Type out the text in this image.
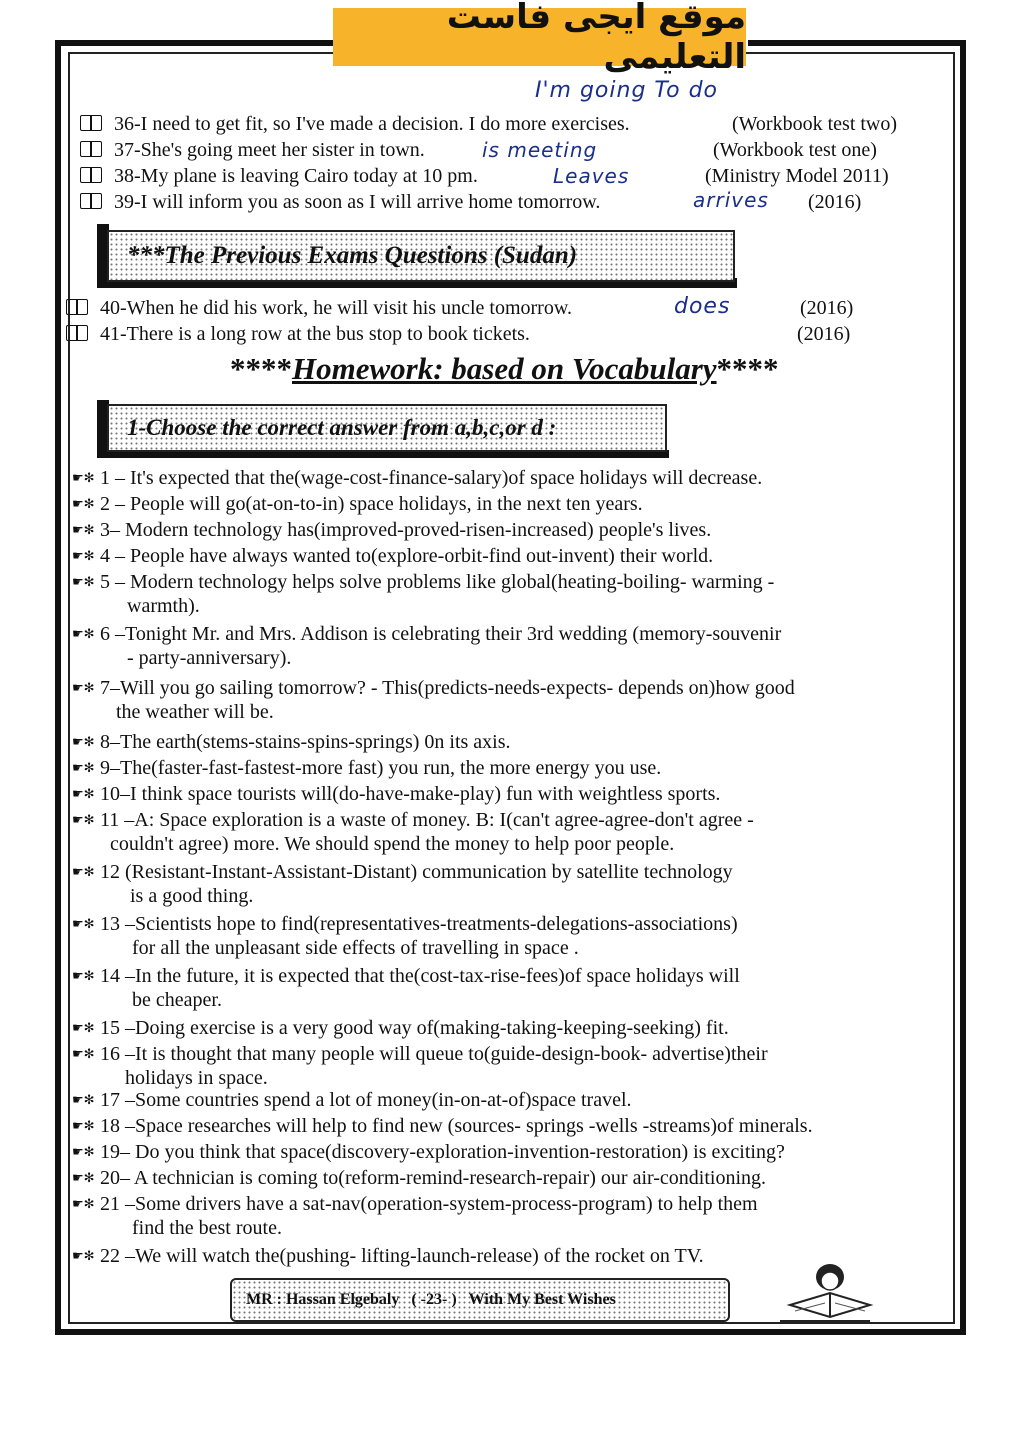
موقع ايجى فاست التعليمى
I'm going To do
36-I need to get fit, so I've made a decision. I do more exercises.	(Workbook test two)
37-She's going meet her sister in town.	is meeting	(Workbook test one)
38-My plane is leaving Cairo today at 10 pm.	Leaves	(Ministry Model 2011)
39-I will inform you as soon as I will arrive home tomorrow.	arrives (2016)
***The Previous Exams Questions (Sudan)
40-When he did his work, he will visit his uncle tomorrow.	does	(2016)
41-There is a long row at the bus stop to book tickets.	(2016)
****Homework: based on Vocabulary****
1-Choose the correct answer from a,b,c,or d :
☛✻ 1 – It's expected that the(wage-cost-finance-salary)of space holidays will decrease.
☛✻ 2 – People will go(at-on-to-in) space holidays, in the next ten years.
☛✻ 3– Modern technology has(improved-proved-risen-increased) people's lives.
☛✻ 4 – People have always wanted to(explore-orbit-find out-invent) their world.
☛✻ 5 – Modern technology helps solve problems like global(heating-boiling- warming -
warmth).
☛✻ 6 –Tonight Mr. and Mrs. Addison is celebrating their 3rd wedding (memory-souvenir
- party-anniversary).
☛✻ 7–Will you go sailing tomorrow? - This(predicts-needs-expects- depends on)how good
the weather will be.
☛✻ 8–The earth(stems-stains-spins-springs) 0n its axis.
☛✻ 9–The(faster-fast-fastest-more fast) you run, the more energy you use.
☛✻ 10–I think space tourists will(do-have-make-play) fun with weightless sports.
☛✻ 11 –A: Space exploration is a waste of money. B: I(can't agree-agree-don't agree -
couldn't agree) more. We should spend the money to help poor people.
☛✻ 12 (Resistant-Instant-Assistant-Distant) communication by satellite technology
is a good thing.
☛✻ 13 –Scientists hope to find(representatives-treatments-delegations-associations)
for all the unpleasant side effects of travelling in space .
☛✻ 14 –In the future, it is expected that the(cost-tax-rise-fees)of space holidays will
be cheaper.
☛✻ 15 –Doing exercise is a very good way of(making-taking-keeping-seeking) fit.
☛✻ 16 –It is thought that many people will queue to(guide-design-book- advertise)their
holidays in space.
☛✻ 17 –Some countries spend a lot of money(in-on-at-of)space travel.
☛✻ 18 –Space researches will help to find new (sources- springs -wells -streams)of minerals.
☛✻ 19– Do you think that space(discovery-exploration-invention-restoration) is exciting?
☛✻ 20– A technician is coming to(reform-remind-research-repair) our air-conditioning.
☛✻ 21 –Some drivers have a sat-nav(operation-system-process-program) to help them
find the best route.
☛✻ 22 –We will watch the(pushing- lifting-launch-release) of the rocket on TV.
MR : Hassan Elgebaly ( -23- ) With My Best Wishes
